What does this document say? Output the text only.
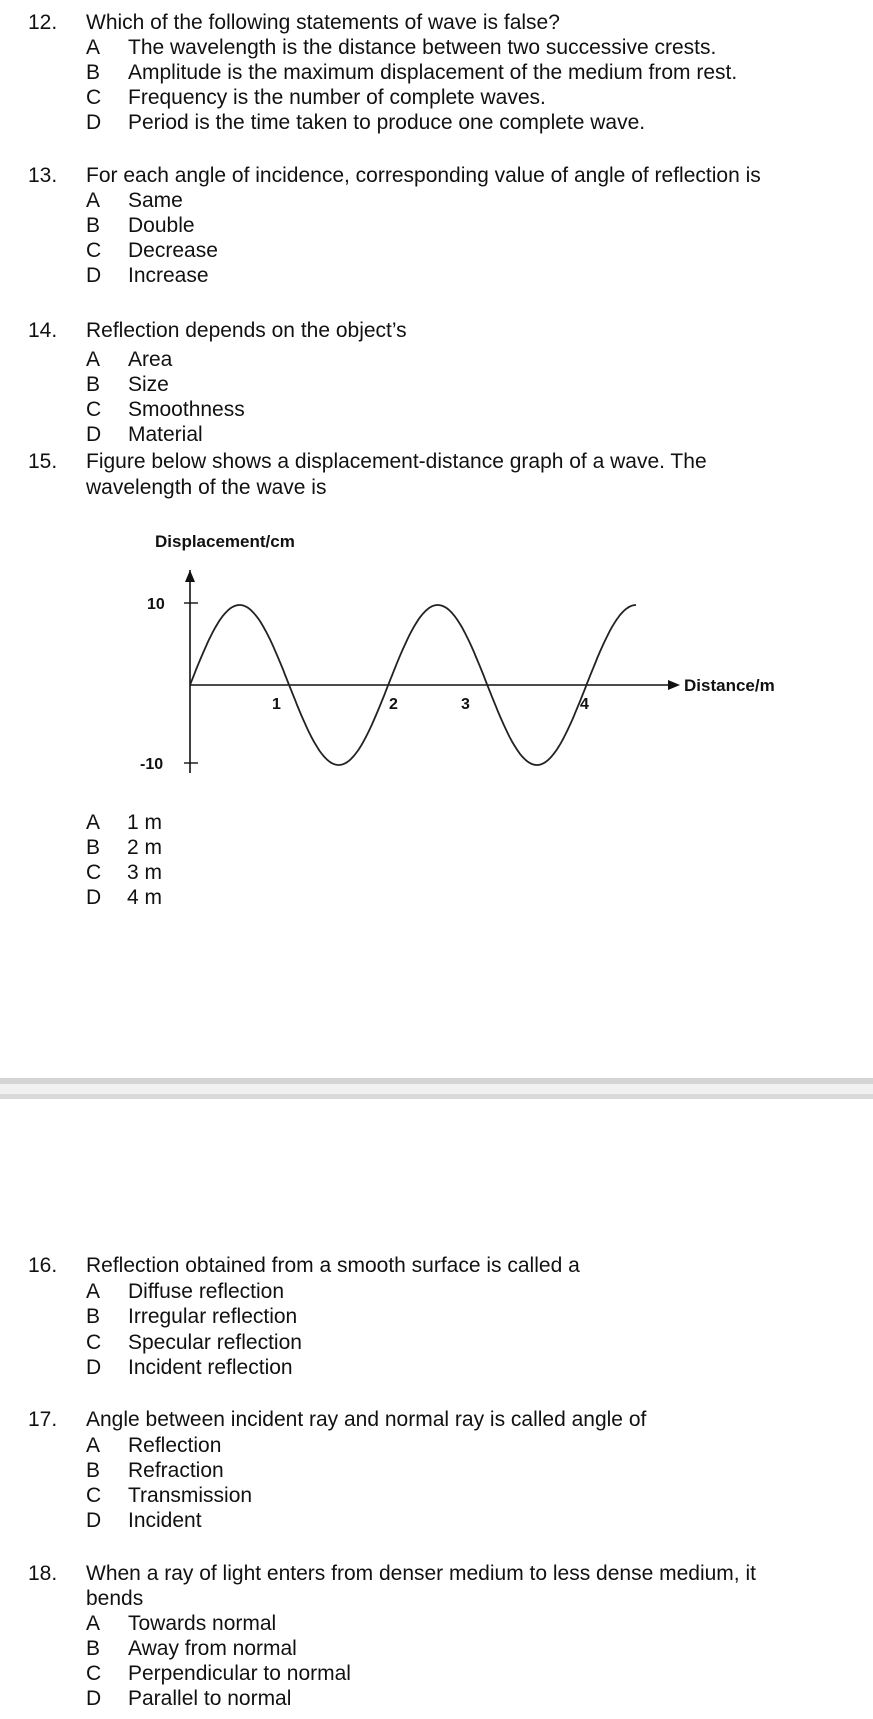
12. Which of the following statements of wave is false?
A	The wavelength is the distance between two successive crests.
B	Amplitude is the maximum displacement of the medium from rest.
C	Frequency is the number of complete waves.
D	Period is the time taken to produce one complete wave.
13. For each angle of incidence, corresponding value of angle of reflection is
A	Same
B	Double
C	Decrease
D	Increase
14. Reflection depends on the object’s
A	Area
B	Size
C	Smoothness
D	Material
15. Figure below shows a displacement-distance graph of a wave. The
wavelength of the wave is
Displacement/cm
Distance/m
10
-10
1	2	3	4
A	1 m
B	2 m
C	3 m
D	4 m
16. Reflection obtained from a smooth surface is called a
A	Diffuse reflection
B	Irregular reflection
C	Specular reflection
D	Incident reflection
17. Angle between incident ray and normal ray is called angle of
A	Reflection
B	Refraction
C	Transmission
D	Incident
18. When a ray of light enters from denser medium to less dense medium, it
bends
A	Towards normal
B	Away from normal
C	Perpendicular to normal
D	Parallel to normal
